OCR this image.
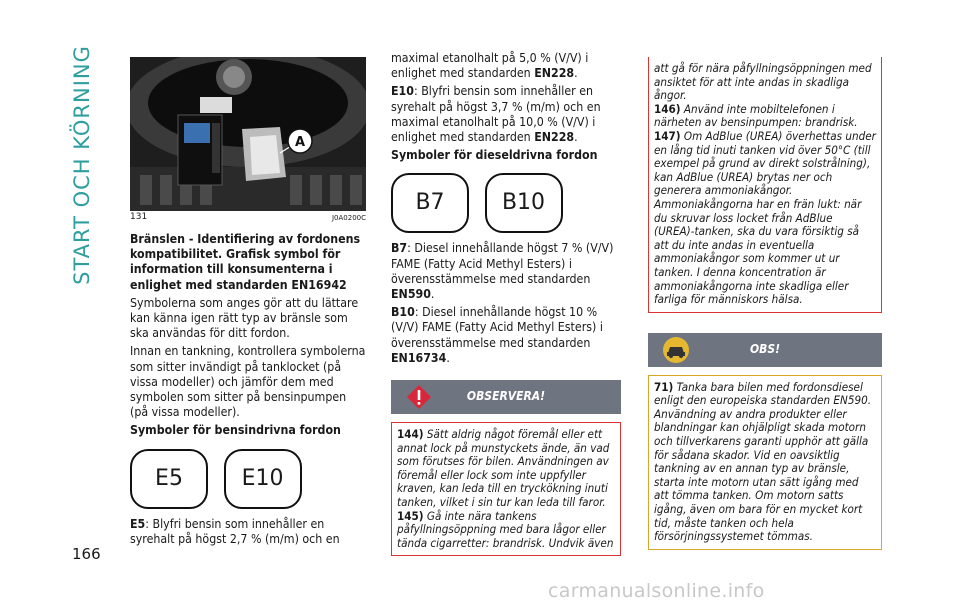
START OCH KÖRNING	A
131	J0A0200C

Bränslen - Identifiering av fordonens kompatibilitet. Grafisk symbol för information till konsumenterna i enlighet med standarden EN16942

Symbolerna som anges gör att du lättare kan känna igen rätt typ av bränsle som ska användas för ditt fordon.

Innan en tankning, kontrollera symbolerna som sitter invändigt på tanklocket (på vissa modeller) och jämför dem med symbolen som sitter på bensinpumpen (på vissa modeller).

Symboler för bensindrivna fordon

E5	E10

E5: Blyfri bensin som innehåller en syrehalt på högst 2,7 % (m/m) och en

maximal etanolhalt på 5,0 % (V/V) i enlighet med standarden EN228.

E10: Blyfri bensin som innehåller en syrehalt på högst 3,7 % (m/m) och en maximal etanolhalt på 10,0 % (V/V) i enlighet med standarden EN228.

Symboler för dieseldrivna fordon

B7	B10

B7: Diesel innehållande högst 7 % (V/V) FAME (Fatty Acid Methyl Esters) i överensstämmelse med standarden EN590.

B10: Diesel innehållande högst 10 % (V/V) FAME (Fatty Acid Methyl Esters) i överensstämmelse med standarden EN16734.

OBSERVERA!

144) Sätt aldrig något föremål eller ett annat lock på munstyckets ände, än vad som förutses för bilen. Användningen av föremål eller lock som inte uppfyller kraven, kan leda till en tryckökning inuti tanken, vilket i sin tur kan leda till faror.

145) Gå inte nära tankens påfyllningsöppning med bara lågor eller tända cigarretter: brandrisk. Undvik även

att gå för nära påfyllningsöppningen med ansiktet för att inte andas in skadliga ångor.

146) Använd inte mobiltelefonen i närheten av bensinpumpen: brandrisk.

147) Om AdBlue (UREA) överhettas under en lång tid inuti tanken vid över 50°C (till exempel på grund av direkt solstrålning), kan AdBlue (UREA) brytas ner och generera ammoniakångor. Ammoniakångorna har en frän lukt: när du skruvar loss locket från AdBlue (UREA)-tanken, ska du vara försiktig så att du inte andas in eventuella ammoniakångor som kommer ut ur tanken. I denna koncentration är ammoniakångorna inte skadliga eller farliga för människors hälsa.

OBS!

71) Tanka bara bilen med fordonsdiesel enligt den europeiska standarden EN590. Användning av andra produkter eller blandningar kan ohjälpligt skada motorn och tillverkarens garanti upphör att gälla för sådana skador. Vid en oavsiktlig tankning av en annan typ av bränsle, starta inte motorn utan sätt igång med att tömma tanken. Om motorn satts igång, även om bara för en mycket kort tid, måste tanken och hela försörjningssystemet tömmas.

166
carmanualsonline.info
